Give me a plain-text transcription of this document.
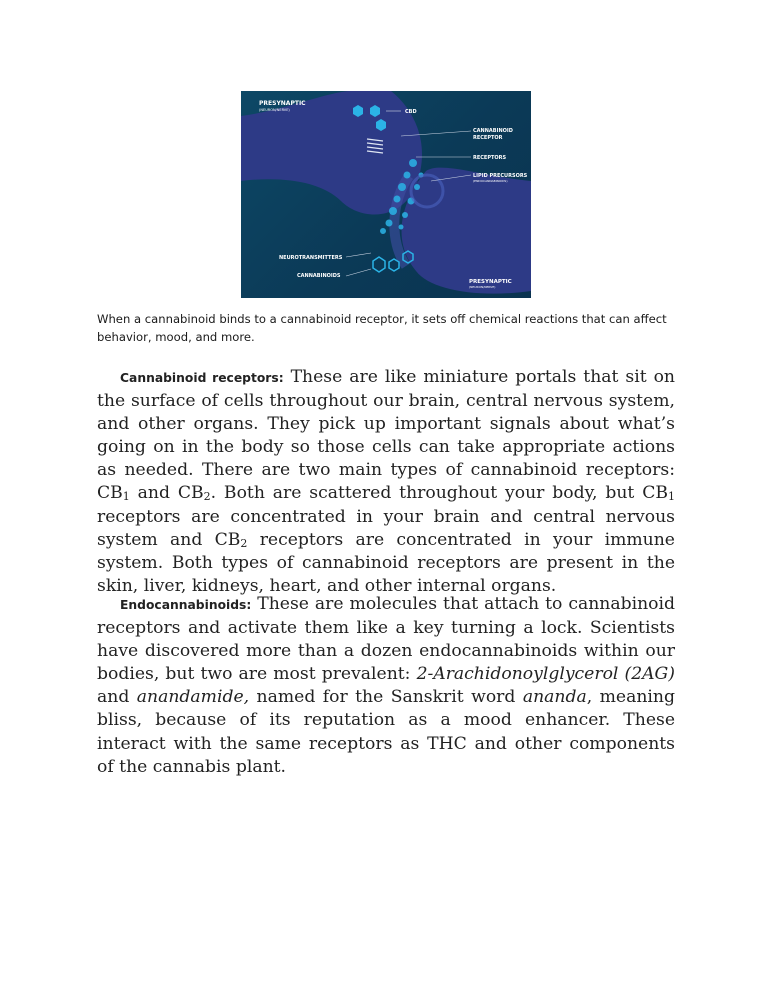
PRESYNAPTIC
(NEURON/NERVE)	CBD
CANNABINOID
RECEPTOR
RECEPTORS
LIPID PRECURSORS
(ENDOCANNABINOIDS)
NEUROTRANSMITTERS
CANNABINOIDS
PRESYNAPTIC
(NEURON/NERVE)
When a cannabinoid binds to a cannabinoid receptor, it sets off chemical reactions that can affect behavior, mood, and more.

Cannabinoid receptors: These are like miniature portals that sit on the surface of cells throughout our brain, central nervous system, and other organs. They pick up important signals about what’s going on in the body so those cells can take appropriate actions as needed. There are two main types of cannabinoid receptors: $CB_1$ and $CB_2$. Both are scattered throughout your body, but $CB_1$ receptors are concentrated in your brain and central nervous system and $CB_2$ receptors are concentrated in your immune system. Both types of cannabinoid receptors are present in the skin, liver, kidneys, heart, and other internal organs.

Endocannabinoids: These are molecules that attach to cannabinoid receptors and activate them like a key turning a lock. Scientists have discovered more than a dozen endocannabinoids within our bodies, but two are most prevalent: 2-Arachidonoylglycerol (2AG) and anandamide, named for the Sanskrit word ananda, meaning bliss, because of its reputation as a mood enhancer. These interact with the same receptors as THC and other components of the cannabis plant.
